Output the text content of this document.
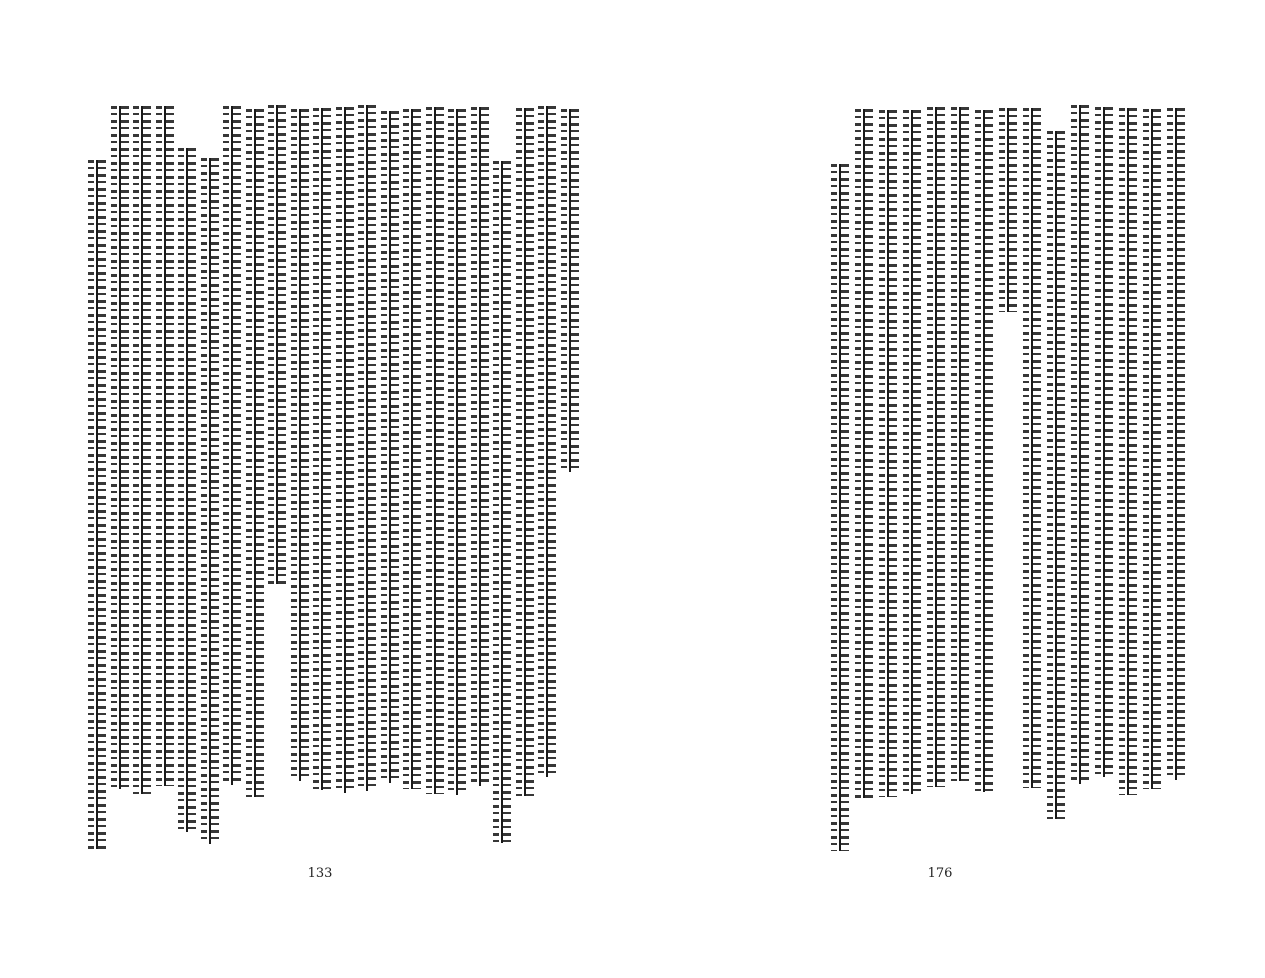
133	176
